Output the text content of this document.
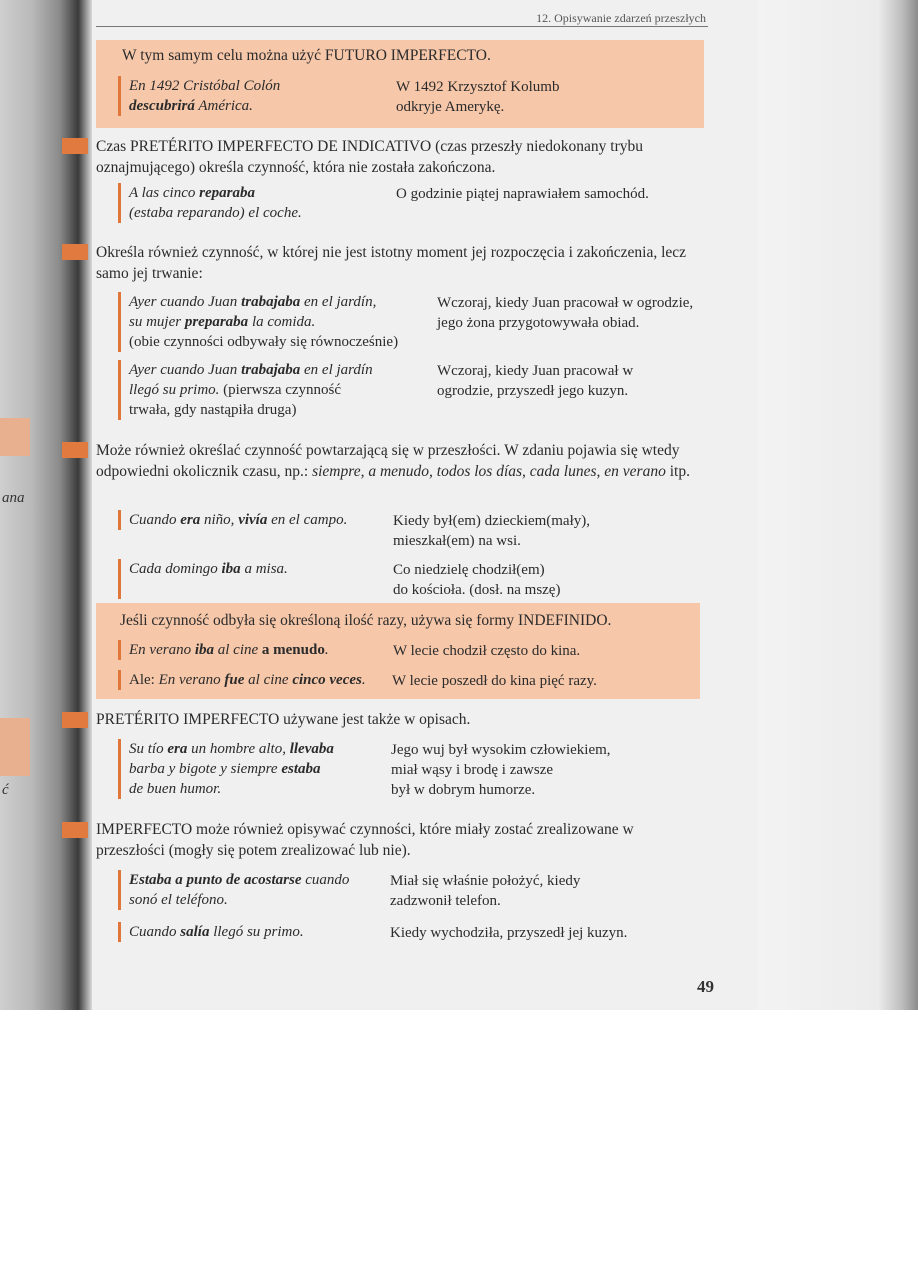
ana
ć
12. Opisywanie zdarzeń przeszłych
W tym samym celu można użyć FUTURO IMPERFECTO.
En 1492 Cristóbal Colón
descubrirá América.
W 1492 Krzysztof Kolumb odkryje Amerykę.
Czas PRETÉRITO IMPERFECTO DE INDICATIVO (czas przeszły niedokonany trybu oznajmującego) określa czynność, która nie została zakończona.
A las cinco reparaba
(estaba reparando) el coche.
O godzinie piątej naprawiałem samochód.
Określa również czynność, w której nie jest istotny moment jej rozpoczęcia i zakończenia, lecz samo jej trwanie:
Ayer cuando Juan trabajaba en el jardín,
su mujer preparaba la comida.
(obie czynności odbywały się równocześnie)
Wczoraj, kiedy Juan pracował w ogrodzie, jego żona przygotowywała obiad.
Ayer cuando Juan trabajaba en el jardín
llegó su primo. (pierwsza czynność
trwała, gdy nastąpiła druga)
Wczoraj, kiedy Juan pracował w ogrodzie, przyszedł jego kuzyn.
Może również określać czynność powtarzającą się w przeszłości. W zdaniu pojawia się wtedy odpowiedni okolicznik czasu, np.: siempre, a menudo, todos los días, cada lunes, en verano itp.
Cuando era niño, vivía en el campo.	Kiedy był(em) dzieckiem(mały), mieszkał(em) na wsi.
Cada domingo iba a misa.	Co niedzielę chodził(em)
do kościoła. (dosł. na mszę)
Jeśli czynność odbyła się określoną ilość razy, używa się formy INDEFINIDO.
En verano iba al cine a menudo.	W lecie chodził często do kina.
Ale: En verano fue al cine cinco veces.	W lecie poszedł do kina pięć razy.
PRETÉRITO IMPERFECTO używane jest także w opisach.
Su tío era un hombre alto, llevaba
barba y bigote y siempre estaba
de buen humor.
Jego wuj był wysokim człowiekiem,
miał wąsy i brodę i zawsze
był w dobrym humorze.
IMPERFECTO może również opisywać czynności, które miały zostać zrealizowane w przeszłości (mogły się potem zrealizować lub nie).
Estaba a punto de acostarse cuando
sonó el teléfono.
Miał się właśnie położyć, kiedy
zadzwonił telefon.
Cuando salía llegó su primo.	Kiedy wychodziła, przyszedł jej kuzyn.
49
